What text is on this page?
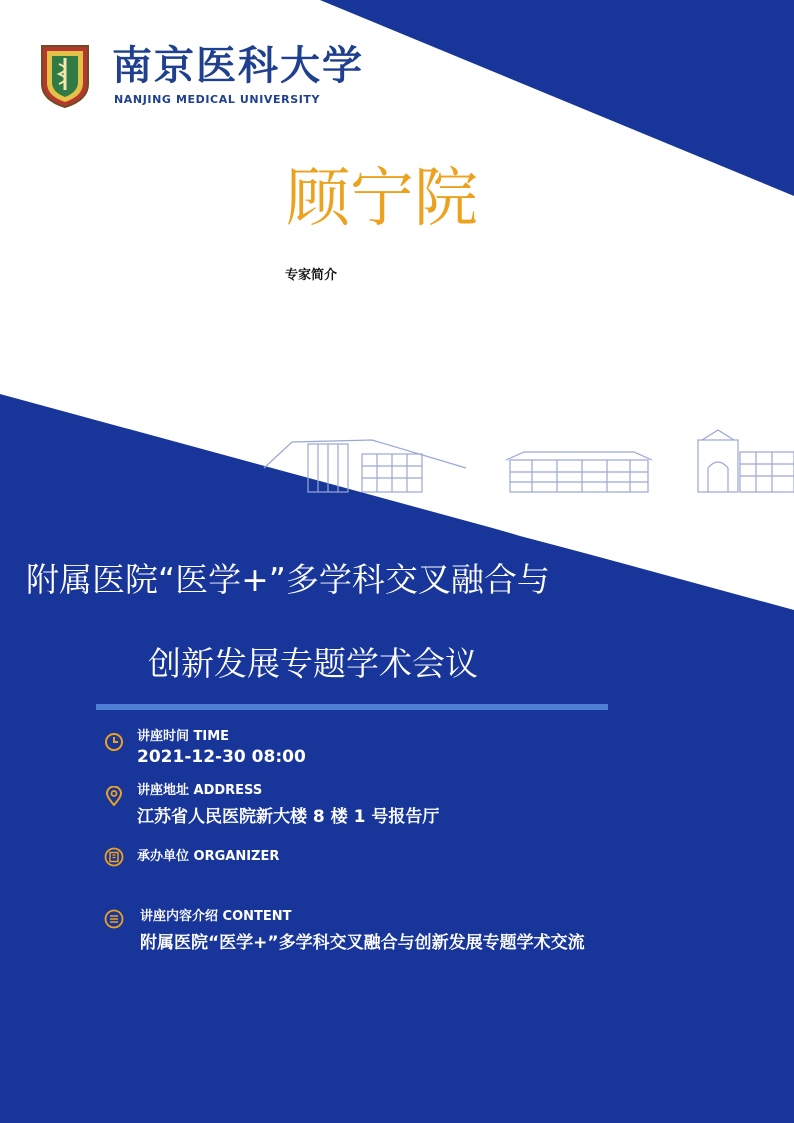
南京医科大学
NANJING MEDICAL UNIVERSITY
顾宁院
专家简介
附属医院“医学+”多学科交叉融合与
创新发展专题学术会议
讲座时间 TIME
2021-12-30 08:00
讲座地址 ADDRESS
江苏省人民医院新大楼 8 楼 1 号报告厅
承办单位 ORGANIZER
讲座内容介绍 CONTENT
附属医院“医学+”多学科交叉融合与创新发展专题学术交流
